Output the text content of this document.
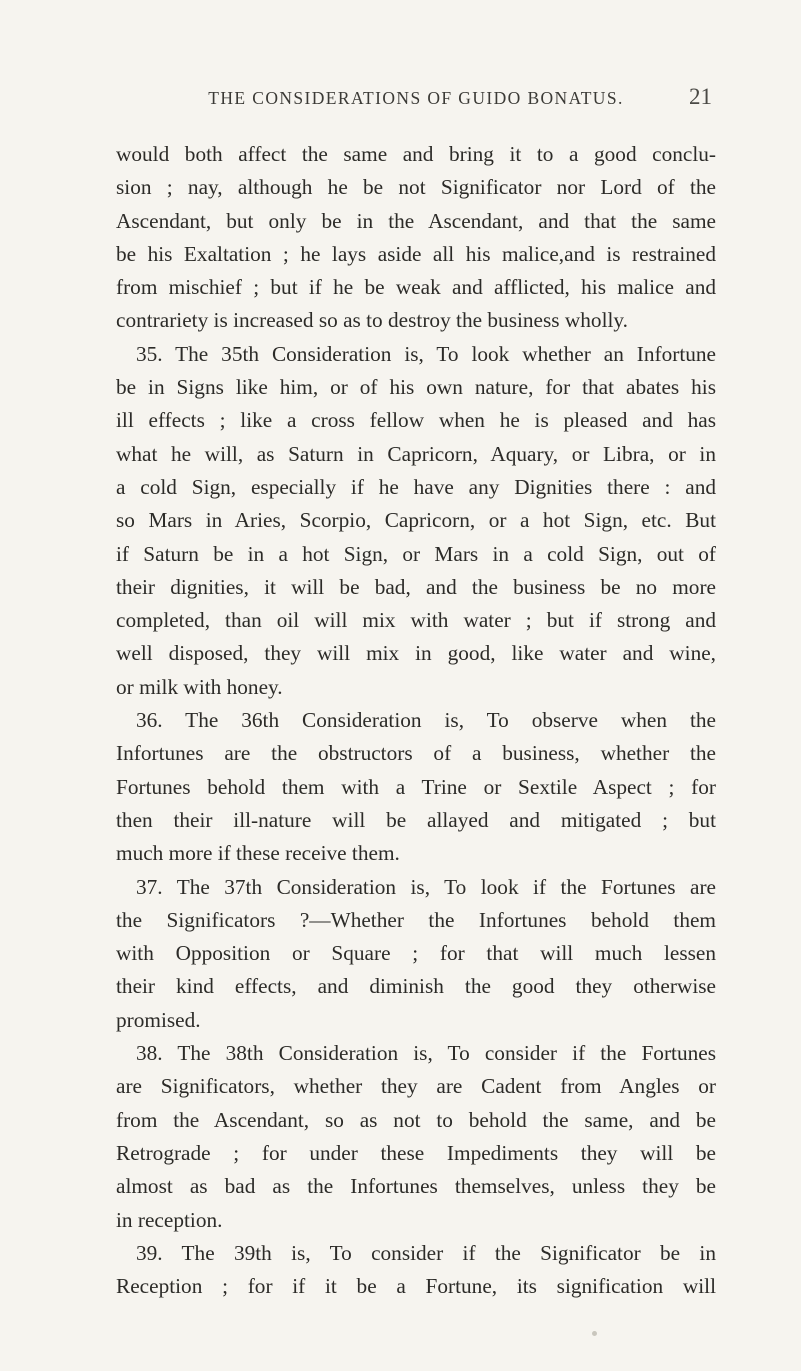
THE CONSIDERATIONS OF GUIDO BONATUS.	21
would both affect the same and bring it to a good conclu-
sion ; nay, although he be not Significator nor Lord of the
Ascendant, but only be in the Ascendant, and that the same
be his Exaltation ; he lays aside all his malice,and is restrained
from mischief ; but if he be weak and afflicted, his malice and
contrariety is increased so as to destroy the business wholly.
35. The 35th Consideration is, To look whether an Infortune
be in Signs like him, or of his own nature, for that abates his
ill effects ; like a cross fellow when he is pleased and has
what he will, as Saturn in Capricorn, Aquary, or Libra, or in
a cold Sign, especially if he have any Dignities there : and
so Mars in Aries, Scorpio, Capricorn, or a hot Sign, etc. But
if Saturn be in a hot Sign, or Mars in a cold Sign, out of
their dignities, it will be bad, and the business be no more
completed, than oil will mix with water ; but if strong and
well disposed, they will mix in good, like water and wine,
or milk with honey.
36. The 36th Consideration is, To observe when the
Infortunes are the obstructors of a business, whether the
Fortunes behold them with a Trine or Sextile Aspect ; for
then their ill-nature will be allayed and mitigated ; but
much more if these receive them.
37. The 37th Consideration is, To look if the Fortunes are
the Significators ?—Whether the Infortunes behold them
with Opposition or Square ; for that will much lessen
their kind effects, and diminish the good they otherwise
promised.
38. The 38th Consideration is, To consider if the Fortunes
are Significators, whether they are Cadent from Angles or
from the Ascendant, so as not to behold the same, and be
Retrograde ; for under these Impediments they will be
almost as bad as the Infortunes themselves, unless they be
in reception.
39. The 39th is, To consider if the Significator be in
Reception ; for if it be a Fortune, its signification will
